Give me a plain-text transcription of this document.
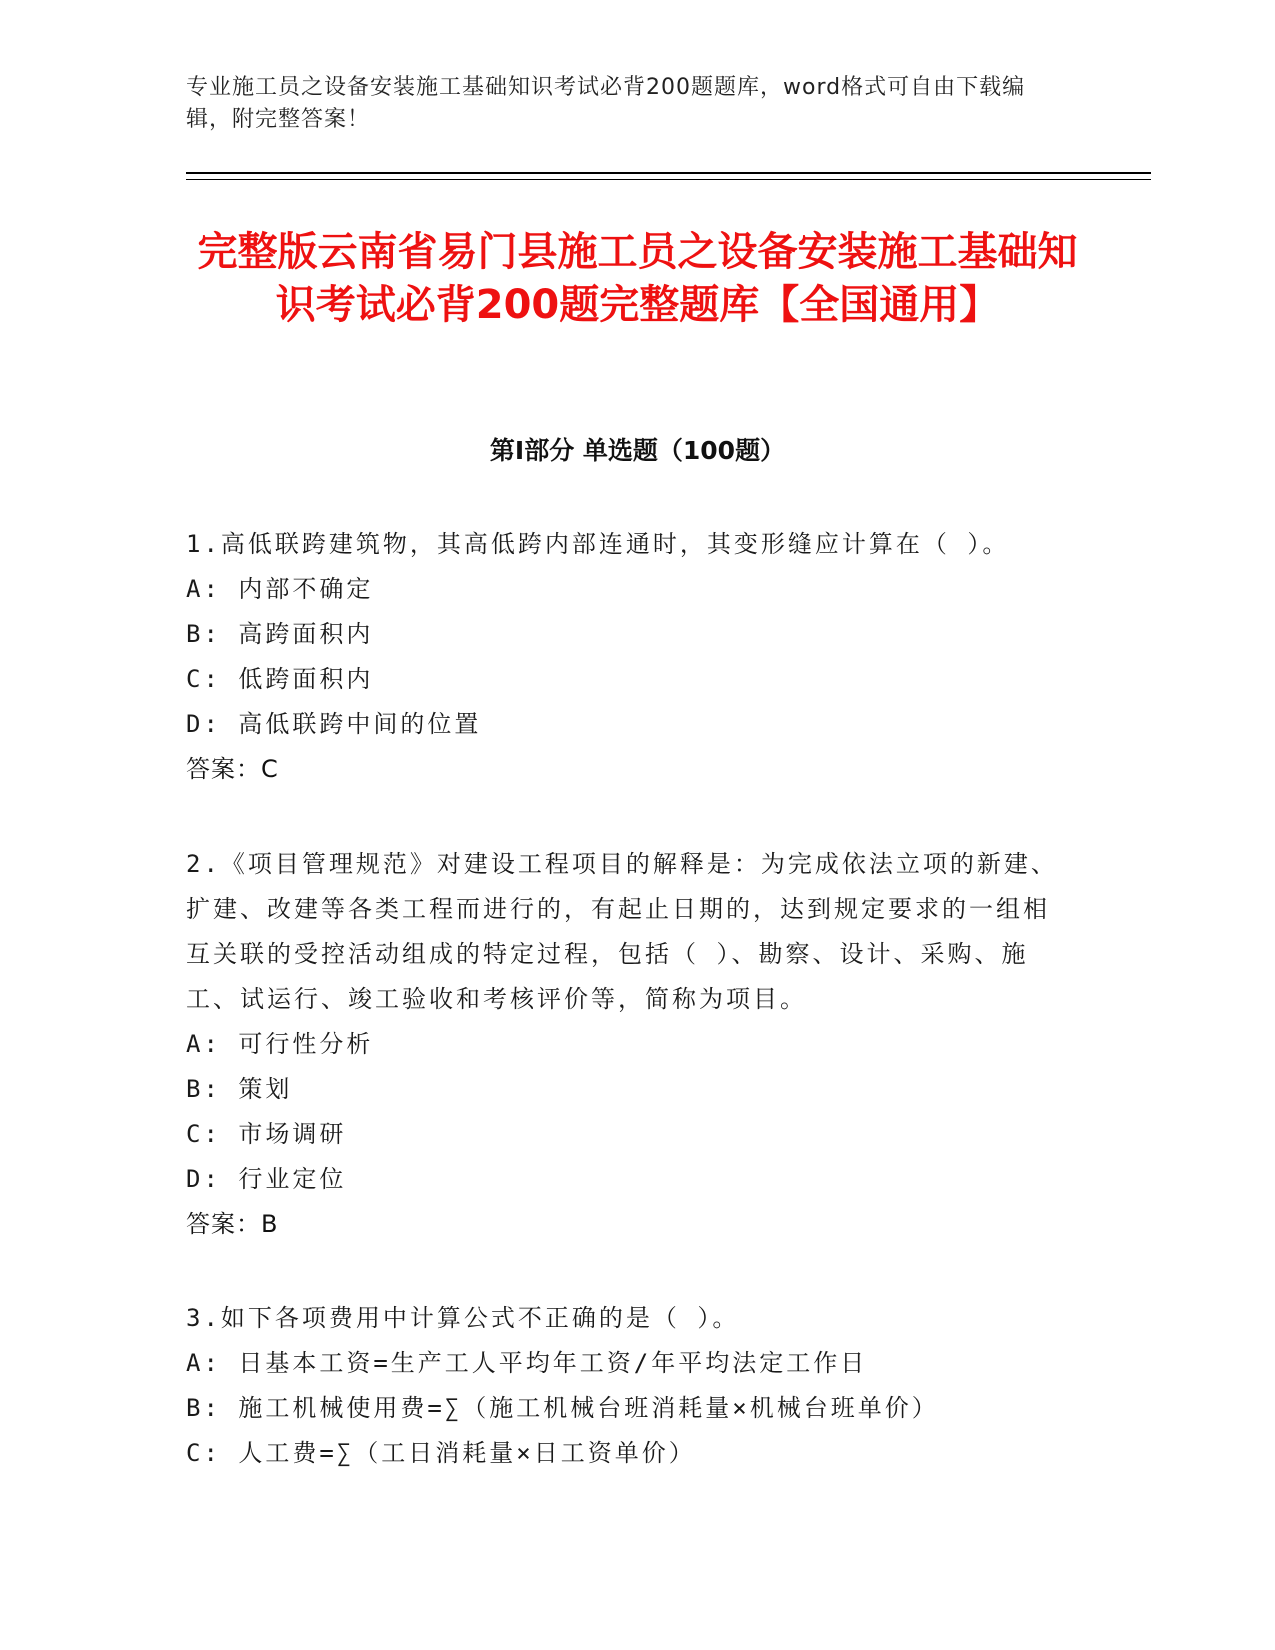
专业施工员之设备安装施工基础知识考试必背200题题库，word格式可自由下载编辑，附完整答案！
完整版云南省易门县施工员之设备安装施工基础知识考试必背200题完整题库【全国通用】
第Ⅰ部分 单选题（100题）
1.高低联跨建筑物，其高低跨内部连通时，其变形缝应计算在（ ）。
A: 内部不确定
B: 高跨面积内
C: 低跨面积内
D: 高低联跨中间的位置
答案：C
2.《项目管理规范》对建设工程项目的解释是：为完成依法立项的新建、扩建、改建等各类工程而进行的，有起止日期的，达到规定要求的一组相互关联的受控活动组成的特定过程，包括（ ）、勘察、设计、采购、施工、试运行、竣工验收和考核评价等，简称为项目。
A: 可行性分析
B: 策划
C: 市场调研
D: 行业定位
答案：B
3.如下各项费用中计算公式不正确的是（ ）。
A: 日基本工资=生产工人平均年工资/年平均法定工作日
B: 施工机械使用费=∑（施工机械台班消耗量×机械台班单价）
C: 人工费=∑（工日消耗量×日工资单价）
